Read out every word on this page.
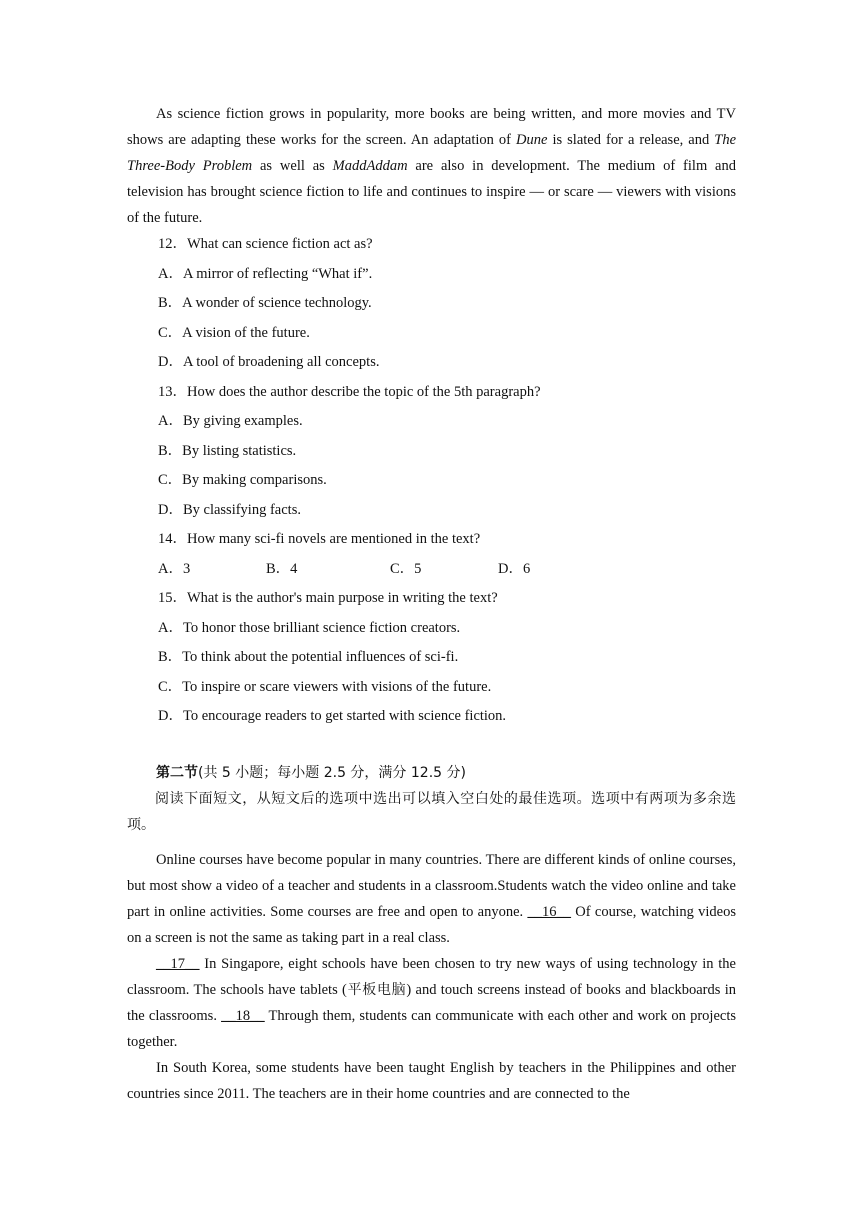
As science fiction grows in popularity, more books are being written, and more movies and TV shows are adapting these works for the screen. An adaptation of Dune is slated for a release, and The Three-Body Problem as well as MaddAddam are also in development. The medium of film and television has brought science fiction to life and continues to inspire — or scare — viewers with visions of the future.

12．What can science fiction act as?

A．A mirror of reflecting “What if”.

B．A wonder of science technology.

C．A vision of the future.

D．A tool of broadening all concepts.

13．How does the author describe the topic of the 5th paragraph?

A．By giving examples.

B．By listing statistics.

C．By making comparisons.

D．By classifying facts.

14．How many sci-fi novels are mentioned in the text?

A．3	B．4	C．5	D．6

15．What is the author's main purpose in writing the text?

A．To honor those brilliant science fiction creators.

B．To think about the potential influences of sci-fi.

C．To inspire or scare viewers with visions of the future.

D．To encourage readers to get started with science fiction.

第二节(共 5 小题；每小题 2.5 分，满分 12.5 分)

阅读下面短文，从短文后的选项中选出可以填入空白处的最佳选项。选项中有两项为多余选项。

Online courses have become popular in many countries. There are different kinds of online courses, but most show a video of a teacher and students in a classroom.Students watch the video online and take part in online activities. Some courses are free and open to anyone. __16__ Of course, watching videos on a screen is not the same as taking part in a real class.

__17__ In Singapore, eight schools have been chosen to try new ways of using technology in the classroom. The schools have tablets (平板电脑) and touch screens instead of books and blackboards in the classrooms. __18__ Through them, students can communicate with each other and work on projects together.

In South Korea, some students have been taught English by teachers in the Philippines and other countries since 2011. The teachers are in their home countries and are connected to the
